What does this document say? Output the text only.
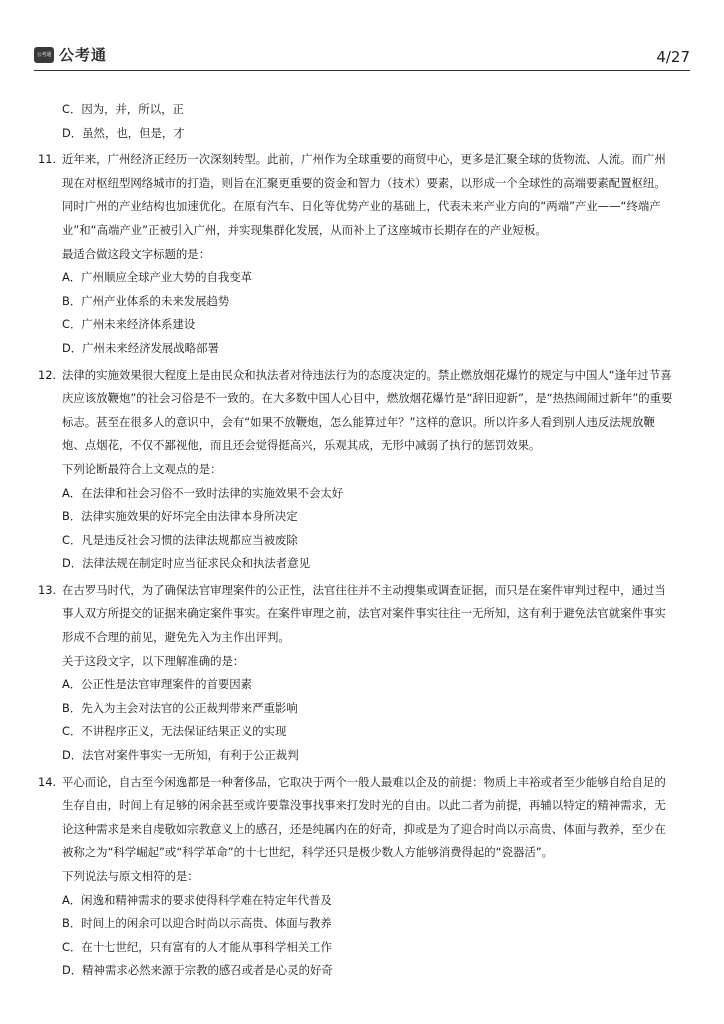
公考通 公考通	4/27
C．因为，并，所以，正
D．虽然，也，但是，才
11. 近年来，广州经济正经历一次深刻转型。此前，广州作为全球重要的商贸中心，更多是汇聚全球的货物流、人流。而广州
现在对枢纽型网络城市的打造，则旨在汇聚更重要的资金和智力（技术）要素，以形成一个全球性的高端要素配置枢纽。
同时广州的产业结构也加速优化。在原有汽车、日化等优势产业的基础上，代表未来产业方向的“两端”产业——“终端产
业”和“高端产业”正被引入广州，并实现集群化发展，从而补上了这座城市长期存在的产业短板。
最适合做这段文字标题的是：
A．广州顺应全球产业大势的自我变革
B．广州产业体系的未来发展趋势
C．广州未来经济体系建设
D．广州未来经济发展战略部署
12. 法律的实施效果很大程度上是由民众和执法者对待违法行为的态度决定的。禁止燃放烟花爆竹的规定与中国人“逢年过节喜
庆应该放鞭炮”的社会习俗是不一致的。在大多数中国人心目中，燃放烟花爆竹是“辞旧迎新”，是“热热闹闹过新年”的重要
标志。甚至在很多人的意识中，会有“如果不放鞭炮，怎么能算过年？”这样的意识。所以许多人看到别人违反法规放鞭
炮、点烟花，不仅不鄙视他，而且还会觉得挺高兴，乐观其成，无形中减弱了执行的惩罚效果。
下列论断最符合上文观点的是：
A．在法律和社会习俗不一致时法律的实施效果不会太好
B．法律实施效果的好坏完全由法律本身所决定
C．凡是违反社会习惯的法律法规都应当被废除
D．法律法规在制定时应当征求民众和执法者意见
13. 在古罗马时代，为了确保法官审理案件的公正性，法官往往并不主动搜集或调查证据，而只是在案件审判过程中，通过当
事人双方所提交的证据来确定案件事实。在案件审理之前，法官对案件事实往往一无所知，这有利于避免法官就案件事实
形成不合理的前见，避免先入为主作出评判。
关于这段文字，以下理解准确的是：
A．公正性是法官审理案件的首要因素
B．先入为主会对法官的公正裁判带来严重影响
C．不讲程序正义，无法保证结果正义的实现
D．法官对案件事实一无所知，有利于公正裁判
14. 平心而论，自古至今闲逸都是一种奢侈品，它取决于两个一般人最难以企及的前提：物质上丰裕或者至少能够自给自足的
生存自由，时间上有足够的闲余甚至或许要靠没事找事来打发时光的自由。以此二者为前提，再辅以特定的精神需求，无
论这种需求是来自虔敬如宗教意义上的感召，还是纯属内在的好奇，抑或是为了迎合时尚以示高贵、体面与教养，至少在
被称之为“科学崛起”或“科学革命”的十七世纪，科学还只是极少数人方能够消费得起的“瓷器活”。
下列说法与原文相符的是：
A．闲逸和精神需求的要求使得科学难在特定年代普及
B．时间上的闲余可以迎合时尚以示高贵、体面与教养
C．在十七世纪，只有富有的人才能从事科学相关工作
D．精神需求必然来源于宗教的感召或者是心灵的好奇
